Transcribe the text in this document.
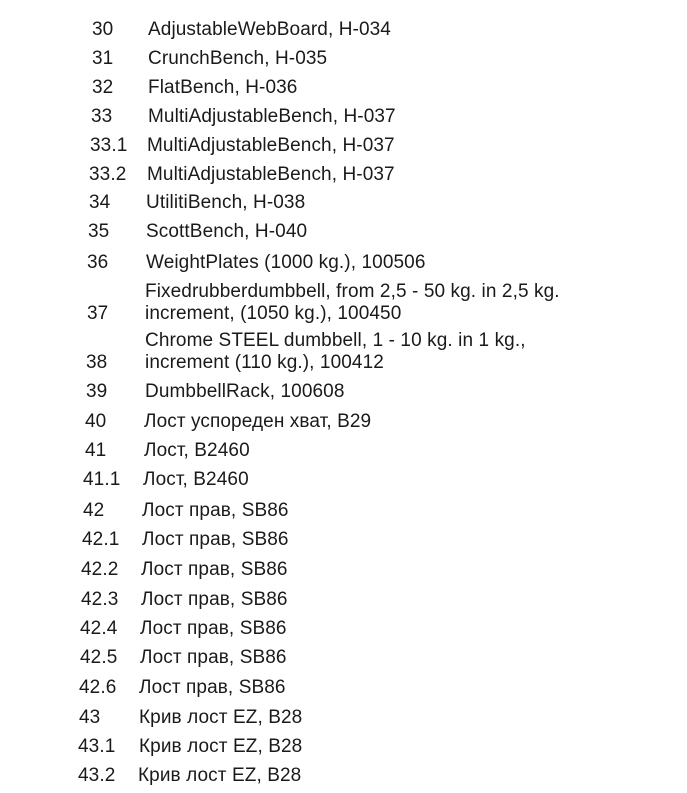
30 AdjustableWebBoard, H-034
31 CrunchBench, H-035
32 FlatBench, H-036
33 MultiAdjustableBench, H-037
33.1 MultiAdjustableBench, H-037
33.2 MultiAdjustableBench, H-037
34 UtilitiBench, H-038
35 ScottBench, H-040
36 WeightPlates (1000 kg.), 100506
37
Fixedrubberdumbbell, from 2,5 - 50 kg. in 2,5 kg.
increment, (1050 kg.), 100450
38
Chrome STEEL dumbbell, 1 - 10 kg. in 1 kg.,
increment (110 kg.), 100412
39 DumbbellRack, 100608
40 Лост успореден хват, B29
41 Лост, B2460
41.1 Лост, B2460
42 Лост прав, SB86
42.1 Лост прав, SB86
42.2 Лост прав, SB86
42.3 Лост прав, SB86
42.4 Лост прав, SB86
42.5 Лост прав, SB86
42.6 Лост прав, SB86
43 Крив лост EZ, B28
43.1 Крив лост EZ, B28
43.2 Крив лост EZ, B28
